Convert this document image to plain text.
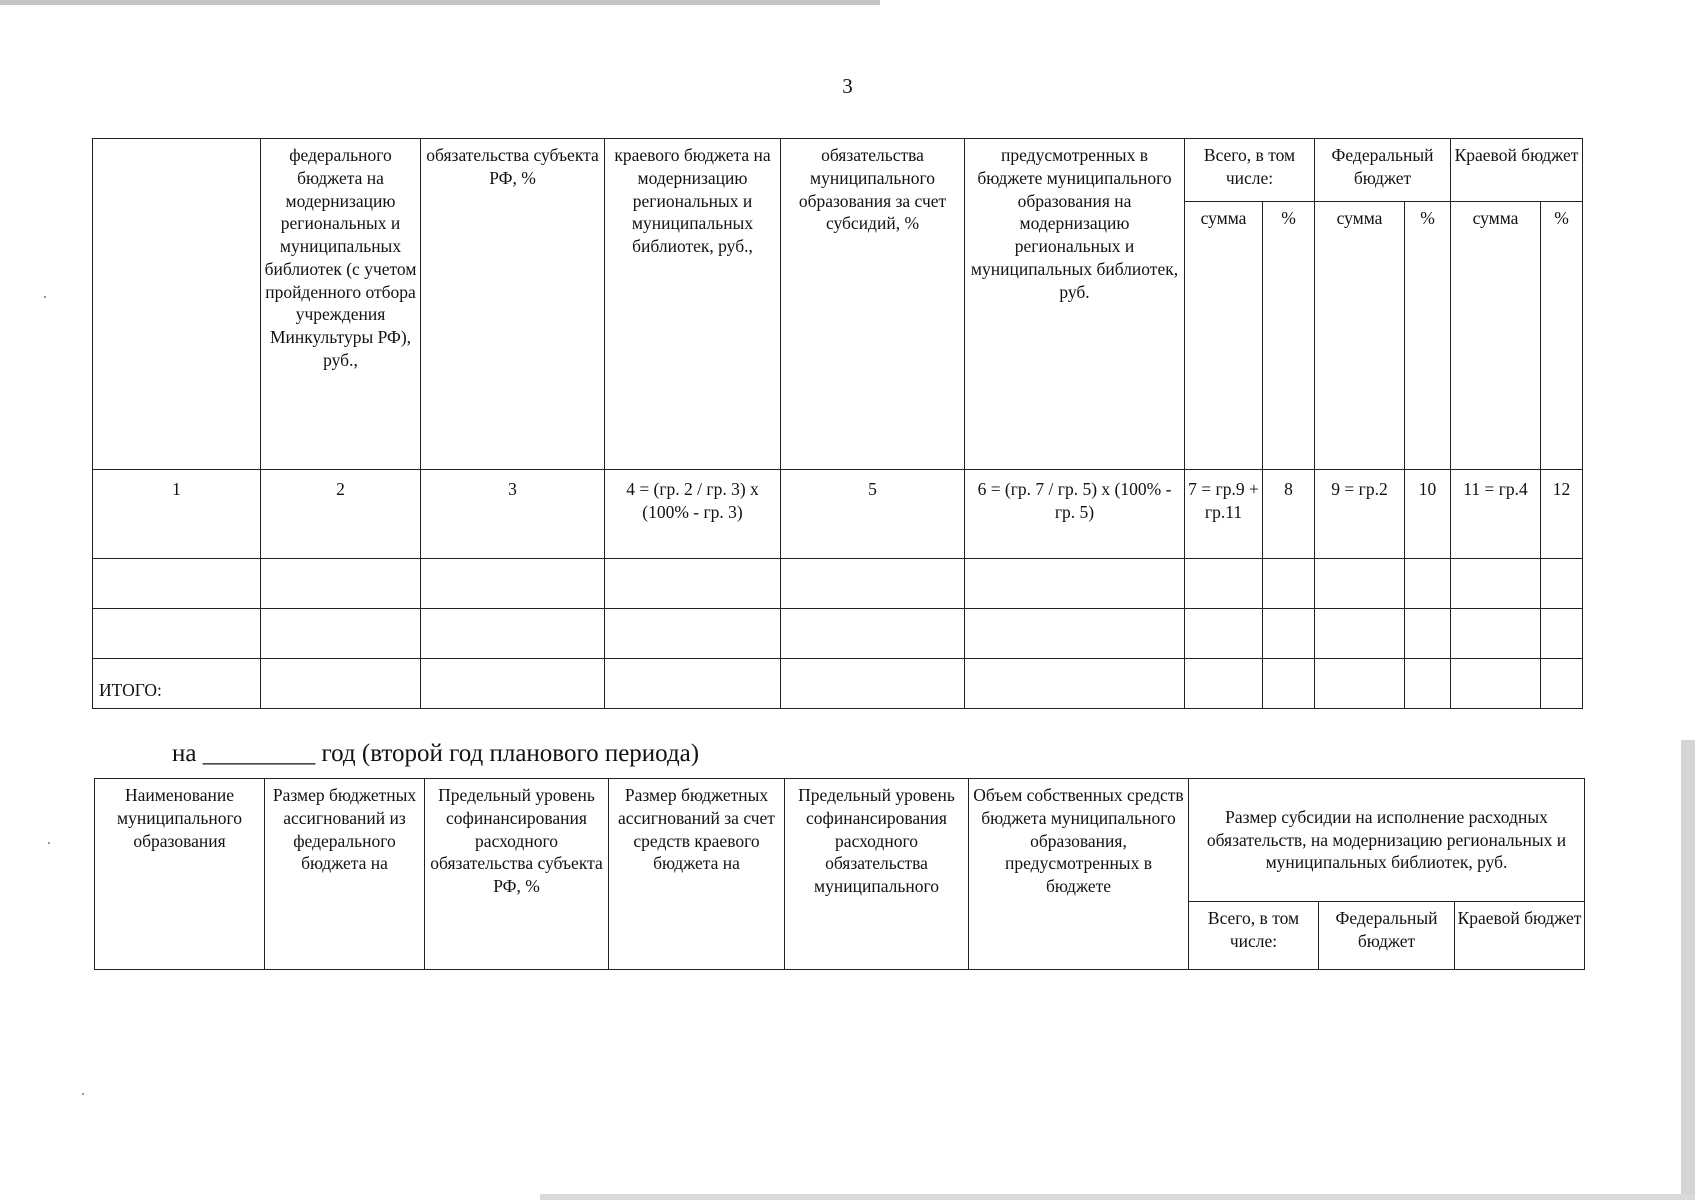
3
	федерального бюджета на модернизацию региональных и муниципальных библиотек (с учетом пройденного отбора учреждения Минкультуры РФ), руб.,	обязательства субъекта РФ, %	краевого бюджета на модернизацию региональных и муниципальных библиотек, руб.,	обязательства муниципального образования за счет субсидий, %	предусмотренных в бюджете муниципального образования на модернизацию региональных и муниципальных библиотек, руб.	Всего, в том числе:		Федеральный бюджет		Краевой бюджет	
						сумма	%	сумма	%	сумма	%
1	2	3	4 = (гр. 2 / гр. 3) х (100% - гр. 3)	5	6 = (гр. 7 / гр. 5) х (100% - гр. 5)	7 = гр.9 + гр.11	8	9 = гр.2	10	11 = гр.4	12

ИТОГО:											
на _________ год (второй год планового периода)
Наименование муниципального образования	Размер бюджетных ассигнований из федерального бюджета на	Предельный уровень софинансирования расходного обязательства субъекта РФ, %	Размер бюджетных ассигнований за счет средств краевого бюджета на	Предельный уровень софинансирования расходного обязательства муниципального	Объем собственных средств бюджета муниципального образования, предусмотренных в бюджете	Размер субсидии на исполнение расходных обязательств, на модернизацию региональных и муниципальных библиотек, руб.		
						Всего, в том числе:	Федеральный бюджет	Краевой бюджет
